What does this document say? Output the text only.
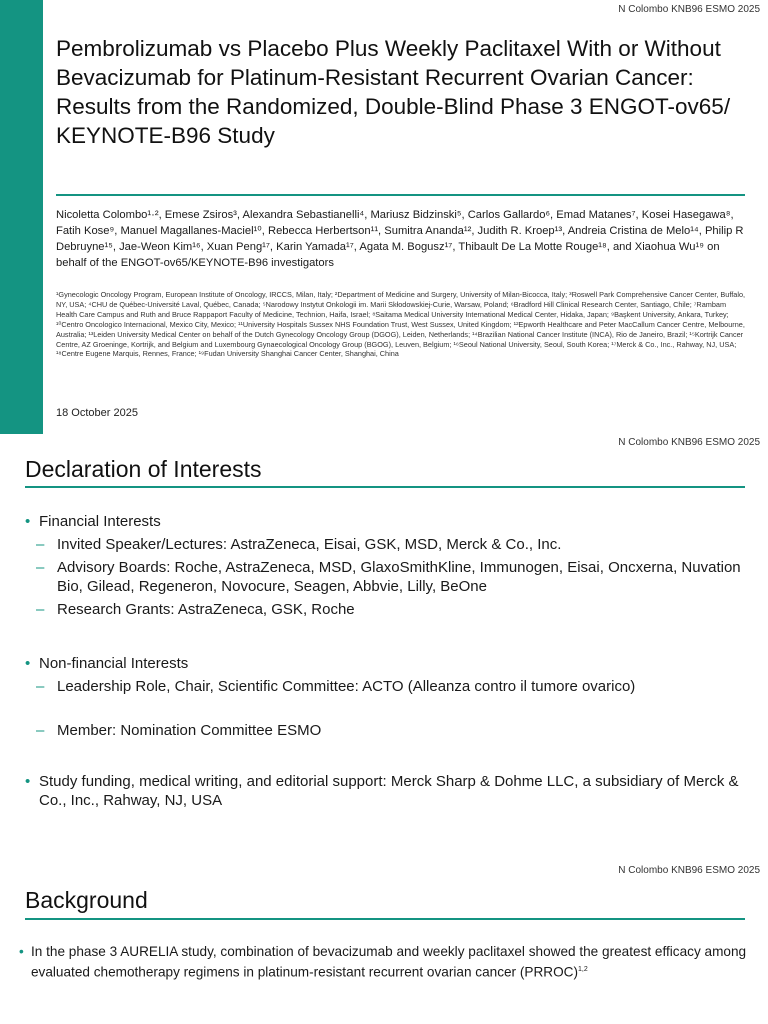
N Colombo KNB96 ESMO 2025
Pembrolizumab vs Placebo Plus Weekly Paclitaxel With or Without Bevacizumab for Platinum-Resistant Recurrent Ovarian Cancer: Results from the Randomized, Double-Blind Phase 3 ENGOT-ov65/ KEYNOTE-B96 Study
Nicoletta Colombo¹·², Emese Zsiros³, Alexandra Sebastianelli⁴, Mariusz Bidzinski⁵, Carlos Gallardo⁶, Emad Matanes⁷, Kosei Hasegawa⁸, Fatih Kose⁹, Manuel Magallanes-Maciel¹⁰, Rebecca Herbertson¹¹, Sumitra Ananda¹², Judith R. Kroep¹³, Andreia Cristina de Melo¹⁴, Philip R Debruyne¹⁵, Jae-Weon Kim¹⁶, Xuan Peng¹⁷, Karin Yamada¹⁷, Agata M. Bogusz¹⁷, Thibault De La Motte Rouge¹⁸, and Xiaohua Wu¹⁹ on behalf of the ENGOT-ov65/KEYNOTE-B96 investigators
¹Gynecologic Oncology Program, European Institute of Oncology, IRCCS, Milan, Italy; ²Department of Medicine and Surgery, University of Milan-Bicocca, Italy; ³Roswell Park Comprehensive Cancer Center, Buffalo, NY, USA; ⁴CHU de Québec-Université Laval, Québec, Canada; ⁵Narodowy Instytut Onkologii im. Marii Skłodowskiej-Curie, Warsaw, Poland; ⁶Bradford Hill Clinical Research Center, Santiago, Chile; ⁷Rambam Health Care Campus and Ruth and Bruce Rappaport Faculty of Medicine, Technion, Haifa, Israel; ⁸Saitama Medical University International Medical Center, Hidaka, Japan; ⁹Başkent University, Ankara, Turkey; ¹⁰Centro Oncologico Internacional, Mexico City, Mexico; ¹¹University Hospitals Sussex NHS Foundation Trust, West Sussex, United Kingdom; ¹²Epworth Healthcare and Peter MacCallum Cancer Centre, Melbourne, Australia; ¹³Leiden University Medical Center on behalf of the Dutch Gynecology Oncology Group (DGOG), Leiden, Netherlands; ¹⁴Brazilian National Cancer Institute (INCA), Rio de Janeiro, Brazil; ¹⁵Kortrijk Cancer Centre, AZ Groeninge, Kortrijk, and Belgium and Luxembourg Gynaecological Oncology Group (BGOG), Leuven, Belgium; ¹⁶Seoul National University, Seoul, South Korea; ¹⁷Merck & Co., Inc., Rahway, NJ, USA; ¹⁸Centre Eugene Marquis, Rennes, France; ¹⁹Fudan University Shanghai Cancer Center, Shanghai, China
18 October 2025
N Colombo KNB96 ESMO 2025
Declaration of Interests
• Financial Interests
– Invited Speaker/Lectures: AstraZeneca, Eisai, GSK, MSD, Merck & Co., Inc.
– Advisory Boards: Roche, AstraZeneca, MSD, GlaxoSmithKline, Immunogen, Eisai, Oncxerna, Nuvation Bio, Gilead, Regeneron, Novocure, Seagen, Abbvie, Lilly, BeOne
– Research Grants: AstraZeneca, GSK, Roche
• Non-financial Interests
– Leadership Role, Chair, Scientific Committee: ACTO (Alleanza contro il tumore ovarico)
– Member: Nomination Committee ESMO
• Study funding, medical writing, and editorial support: Merck Sharp & Dohme LLC, a subsidiary of Merck & Co., Inc., Rahway, NJ, USA
N Colombo KNB96 ESMO 2025
Background
• In the phase 3 AURELIA study, combination of bevacizumab and weekly paclitaxel showed the greatest efficacy among evaluated chemotherapy regimens in platinum-resistant recurrent ovarian cancer (PRROC)$^{1,2}$
